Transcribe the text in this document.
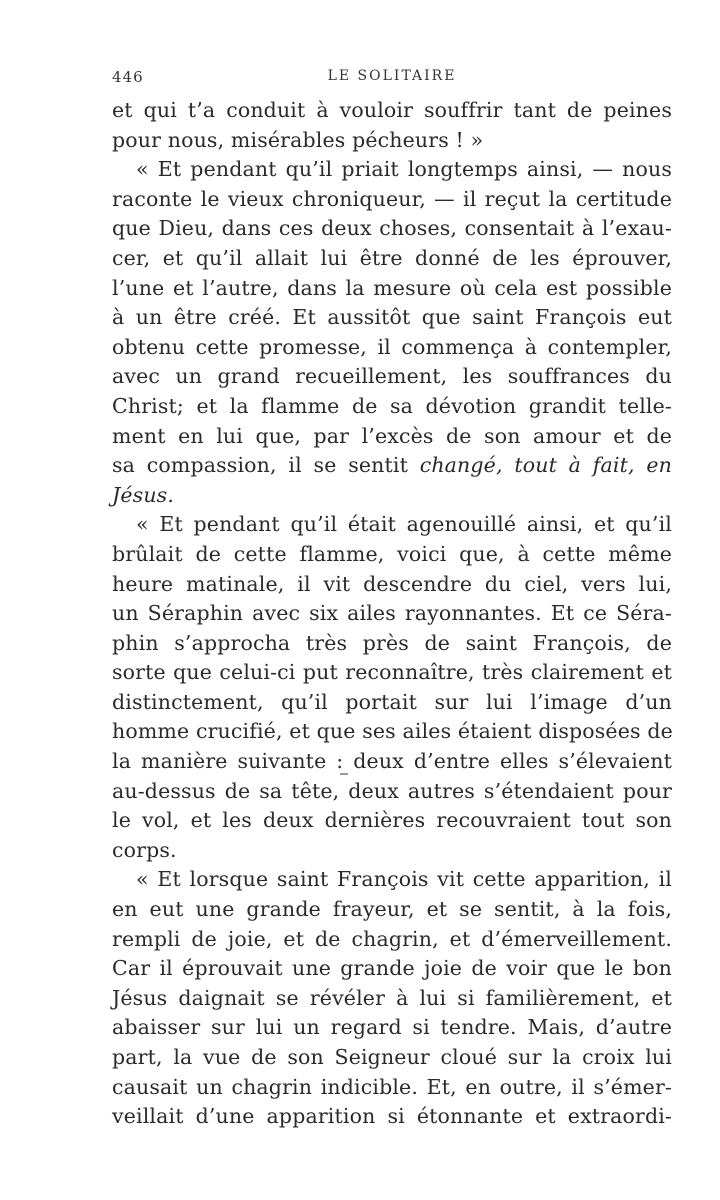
446	LE SOLITAIRE
et qui t’a conduit à vouloir souffrir tant de peines
pour nous, misérables pécheurs ! »
« Et pendant qu’il priait longtemps ainsi, — nous
raconte le vieux chroniqueur, — il reçut la certitude
que Dieu, dans ces deux choses, consentait à l’exau-
cer, et qu’il allait lui être donné de les éprouver,
l’une et l’autre, dans la mesure où cela est possible
à un être créé. Et aussitôt que saint François eut
obtenu cette promesse, il commença à contempler,
avec un grand recueillement, les souffrances du
Christ; et la flamme de sa dévotion grandit telle-
ment en lui que, par l’excès de son amour et de
sa compassion, il se sentit changé, tout à fait, en
Jésus.
« Et pendant qu’il était agenouillé ainsi, et qu’il
brûlait de cette flamme, voici que, à cette même
heure matinale, il vit descendre du ciel, vers lui,
un Séraphin avec six ailes rayonnantes. Et ce Séra-
phin s’approcha très près de saint François, de
sorte que celui-ci put reconnaître, très clairement et
distinctement, qu’il portait sur lui l’image d’un
homme crucifié, et que ses ailes étaient disposées de
la manière suivante : deux d’entre elles s’élevaient
au-dessus de sa tête, deux autres s’étendaient pour
le vol, et les deux dernières recouvraient tout son
corps.
« Et lorsque saint François vit cette apparition, il
en eut une grande frayeur, et se sentit, à la fois,
rempli de joie, et de chagrin, et d’émerveillement.
Car il éprouvait une grande joie de voir que le bon
Jésus daignait se révéler à lui si familièrement, et
abaisser sur lui un regard si tendre. Mais, d’autre
part, la vue de son Seigneur cloué sur la croix lui
causait un chagrin indicible. Et, en outre, il s’émer-
veillait d’une apparition si étonnante et extraordi-
